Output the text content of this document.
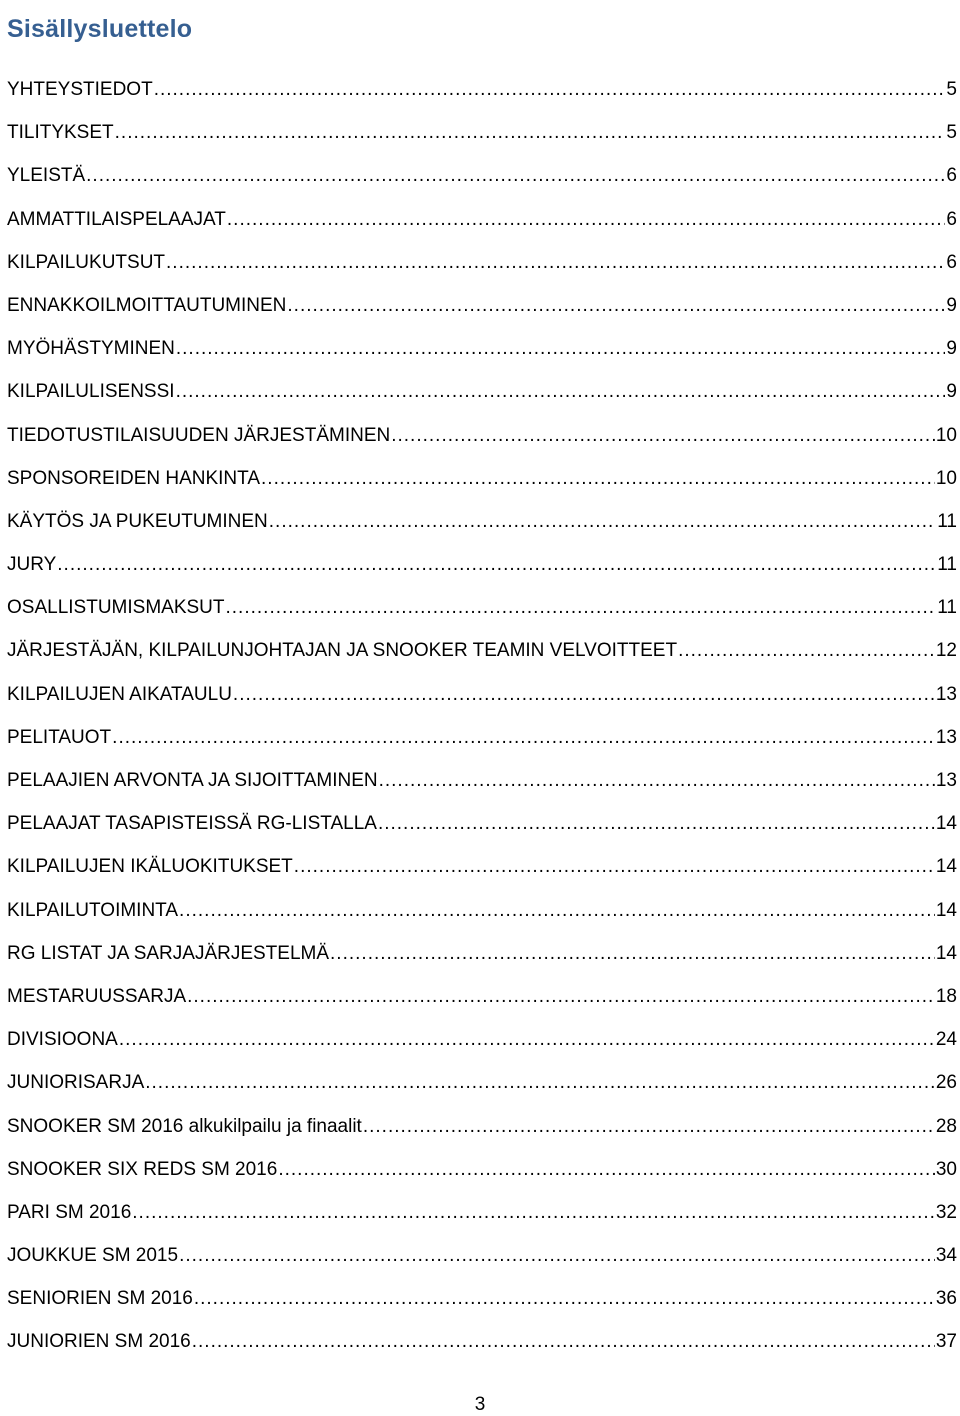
Sisällysluettelo
YHTEYSTIEDOT .....	5
TILITYKSET .....	5
YLEISTÄ .....	6
AMMATTILAISPELAAJAT .....	6
KILPAILUKUTSUT .....	6
ENNAKKOILMOITTAUTUMINEN .....	9
MYÖHÄSTYMINEN .....	9
KILPAILULISENSSI .....	9
TIEDOTUSTILAISUUDEN JÄRJESTÄMINEN .....	10
SPONSOREIDEN HANKINTA .....	10
KÄYTÖS JA PUKEUTUMINEN .....	11
JURY .....	11
OSALLISTUMISMAKSUT .....	11
JÄRJESTÄJÄN, KILPAILUNJOHTAJAN JA SNOOKER TEAMIN VELVOITTEET .....	12
KILPAILUJEN AIKATAULU .....	13
PELITAUOT .....	13
PELAAJIEN ARVONTA JA SIJOITTAMINEN .....	13
PELAAJAT TASAPISTEISSÄ RG-LISTALLA .....	14
KILPAILUJEN IKÄLUOKITUKSET .....	14
KILPAILUTOIMINTA .....	14
RG LISTAT JA SARJAJÄRJESTELMÄ .....	14
MESTARUUSSARJA .....	18
DIVISIOONA .....	24
JUNIORISARJA .....	26
SNOOKER SM 2016 alkukilpailu ja finaalit .....	28
SNOOKER SIX REDS SM 2016 .....	30
PARI SM 2016 .....	32
JOUKKUE SM 2015 .....	34
SENIORIEN SM 2016 .....	36
JUNIORIEN SM 2016 .....	37
3
